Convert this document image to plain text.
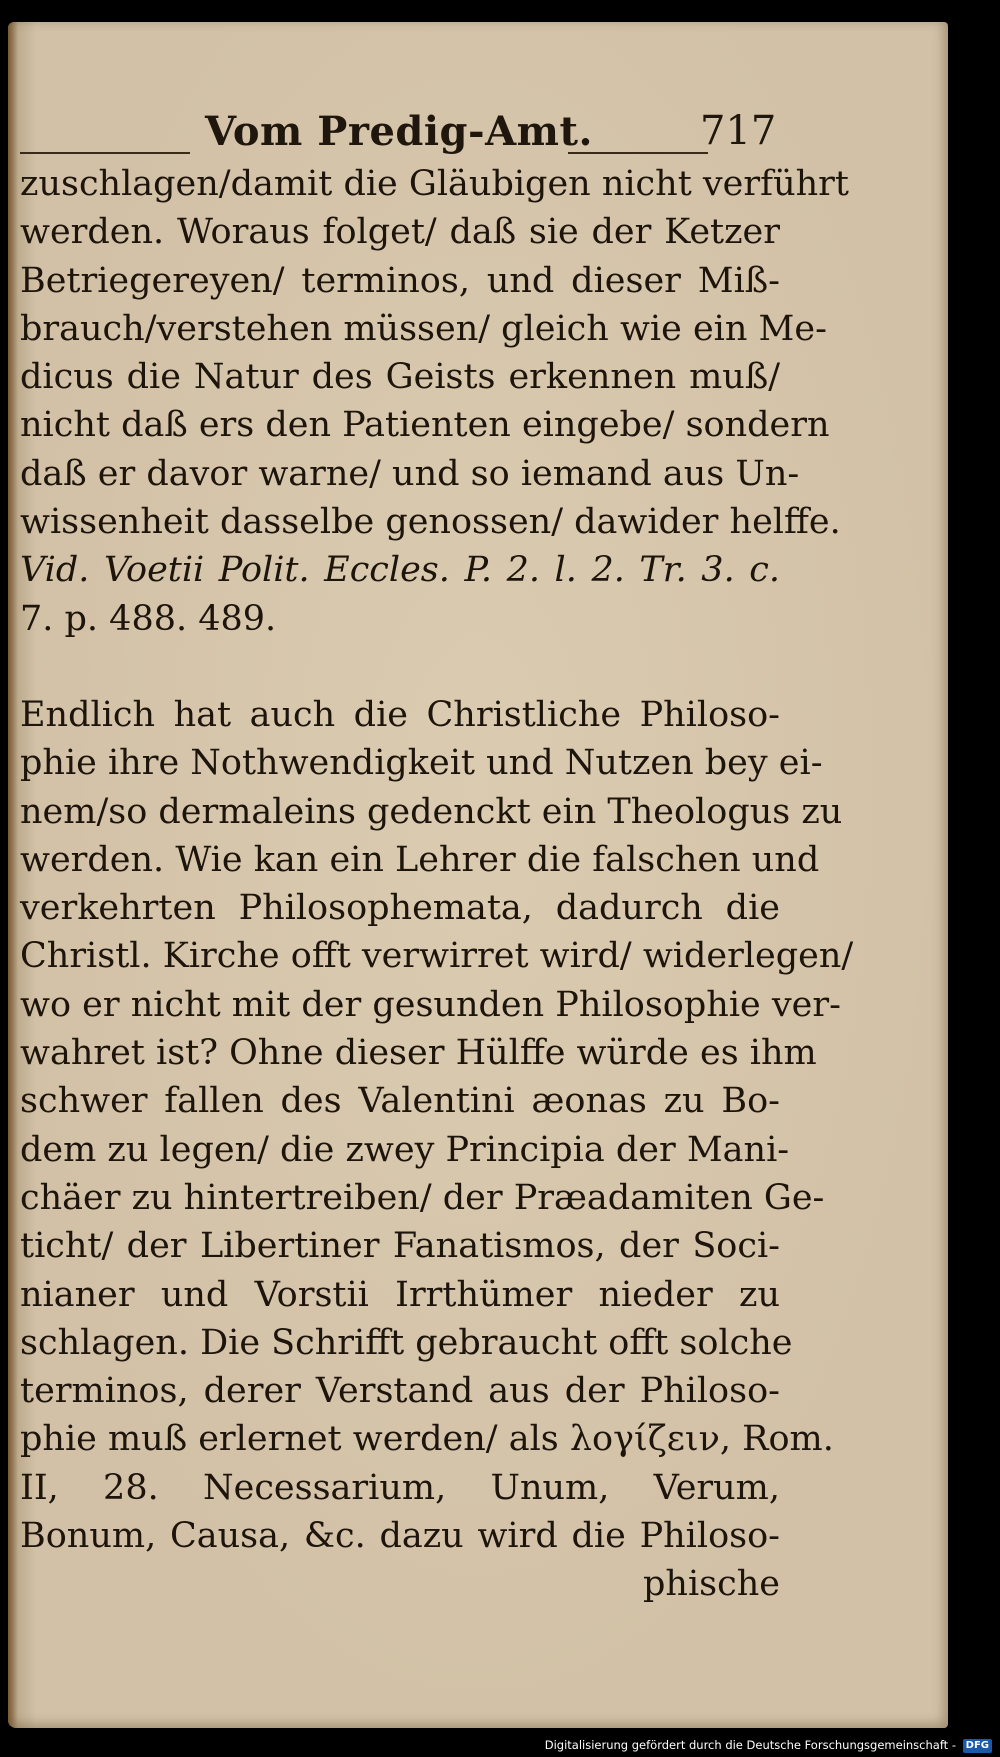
Vom Predig-Amt.	717
zuschlagen/damit die Gläubigen nicht verführt
werden. Woraus folget/ daß sie der Ketzer
Betriegereyen/ terminos, und dieser Miß-
brauch/verstehen müssen/ gleich wie ein Me-
dicus die Natur des Geists erkennen muß/
nicht daß ers den Patienten eingebe/ sondern
daß er davor warne/ und so iemand aus Un-
wissenheit dasselbe genossen/ dawider helffe.
Vid. Voetii Polit. Eccles. P. 2. l. 2. Tr. 3. c.
7. p. 488. 489.
Endlich hat auch die Christliche Philoso-
phie ihre Nothwendigkeit und Nutzen bey ei-
nem/so dermaleins gedenckt ein Theologus zu
werden. Wie kan ein Lehrer die falschen und
verkehrten Philosophemata, dadurch die
Christl. Kirche offt verwirret wird/ widerlegen/
wo er nicht mit der gesunden Philosophie ver-
wahret ist? Ohne dieser Hülffe würde es ihm
schwer fallen des Valentini æonas zu Bo-
dem zu legen/ die zwey Principia der Mani-
chäer zu hintertreiben/ der Præadamiten Ge-
ticht/ der Libertiner Fanatismos, der Soci-
nianer und Vorstii Irrthümer nieder zu
schlagen. Die Schrifft gebraucht offt solche
terminos, derer Verstand aus der Philoso-
phie muß erlernet werden/ als λογίζειν, Rom.
II, 28. Necessarium, Unum, Verum,
Bonum, Causa, &c. dazu wird die Philoso-
phische
Digitalisierung gefördert durch die Deutsche Forschungsgemeinschaft - DFG
